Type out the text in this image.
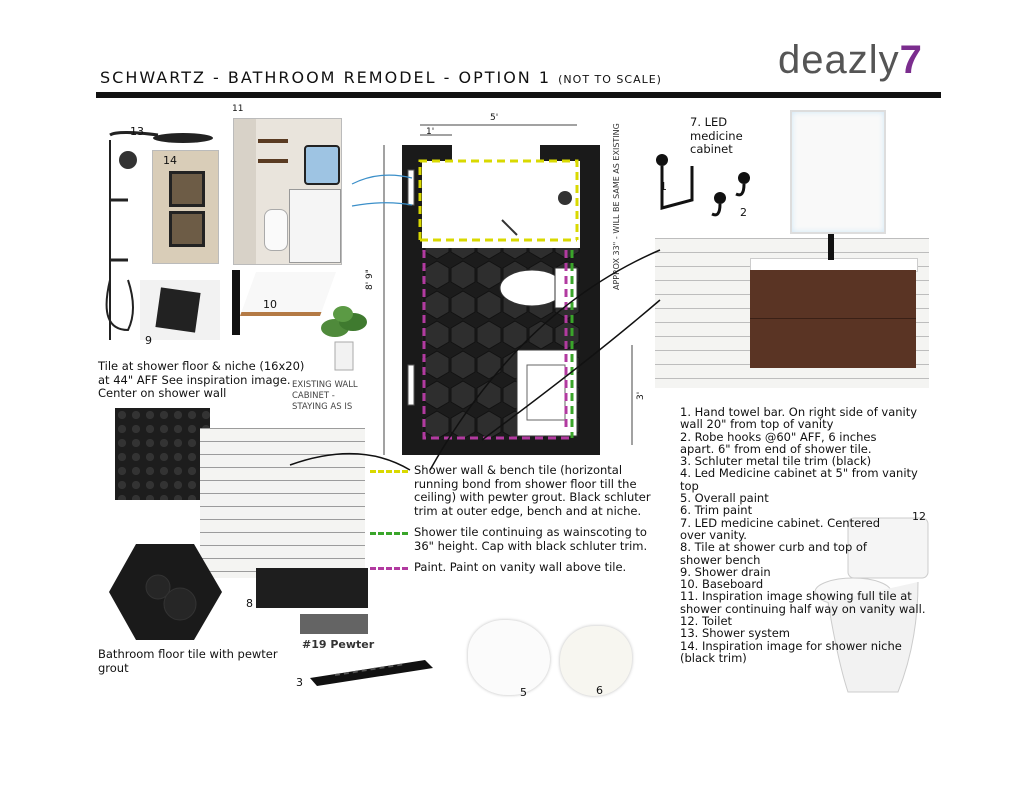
SCHWARTZ - BATHROOM REMODEL - OPTION 1 (NOT TO SCALE)	deazly7
13
14
11
9
10
Tile at shower floor & niche (16x20) at 44" AFF See inspiration image. Center on shower wall
EXISTING WALL
CABINET - STAYING AS IS
5'
1'
8' 9"
3'
APPROX 33" - WILL BE SAME AS EXISTING
7. LED medicine cabinet
1
2
Bathroom floor tile with pewter grout
8
#19 Pewter
3
5	6
12
Shower wall & bench tile (horizontal running bond from shower floor till the ceiling) with pewter grout. Black schluter trim at outer edge, bench and at niche.
Shower tile continuing as wainscoting to 36" height. Cap with black schluter trim.
Paint. Paint on vanity wall above tile.
1. Hand towel bar. On right side of vanity
wall 20" from top of vanity
2. Robe hooks @60" AFF, 6 inches
apart. 6" from end of shower tile.
3. Schluter metal tile trim (black)
4. Led Medicine cabinet at 5" from vanity
top
5. Overall paint
6. Trim paint
7. LED medicine cabinet. Centered
over vanity.
8. Tile at shower curb and top of
shower bench
9. Shower drain
10. Baseboard
11. Inspiration image showing full tile at
shower continuing half way on vanity wall.
12. Toilet
13. Shower system
14. Inspiration image for shower niche
(black trim)
